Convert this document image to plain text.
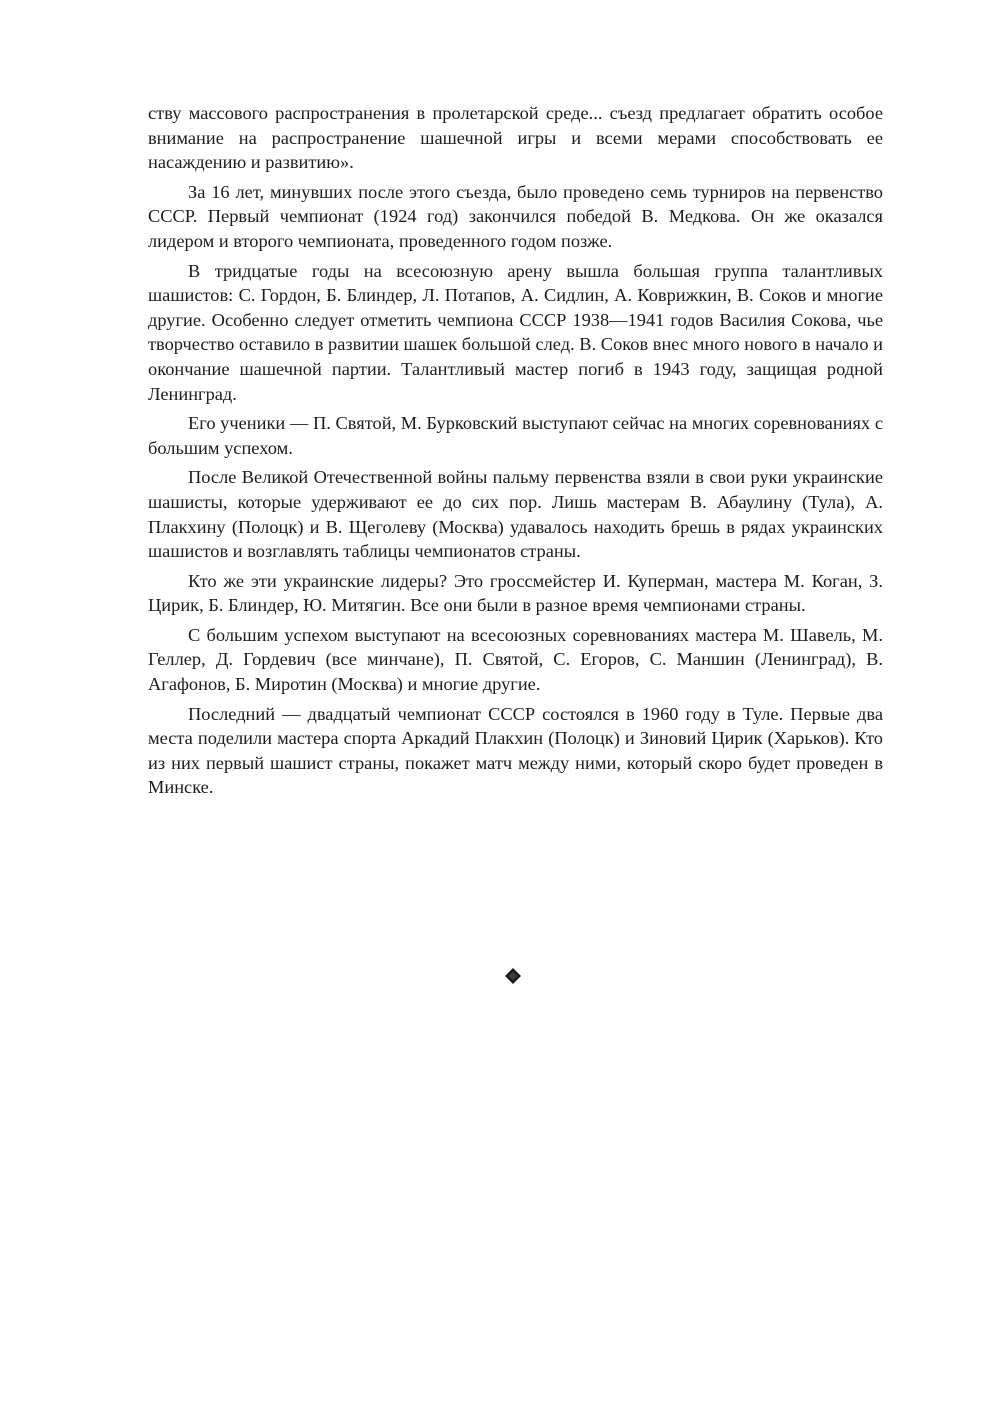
ству массового распространения в пролетарской среде... съезд предлагает обратить особое внимание на распространение шашечной игры и всеми мерами способствовать ее насаждению и развитию».

За 16 лет, минувших после этого съезда, было проведено семь турниров на первенство СССР. Первый чемпионат (1924 год) закончился победой В. Медкова. Он же оказался лидером и второго чемпионата, проведенного годом позже.

В тридцатые годы на всесоюзную арену вышла большая группа талантливых шашистов: С. Гордон, Б. Блиндер, Л. Потапов, А. Сидлин, А. Коврижкин, В. Соков и многие другие. Особенно следует отметить чемпиона СССР 1938—1941 годов Василия Сокова, чье творчество оставило в развитии шашек большой след. В. Соков внес много нового в начало и окончание шашечной партии. Талантливый мастер погиб в 1943 году, защищая родной Ленинград.

Его ученики — П. Святой, М. Бурковский выступают сейчас на многих соревнованиях с большим успехом.

После Великой Отечественной войны пальму первенства взяли в свои руки украинские шашисты, которые удерживают ее до сих пор. Лишь мастерам В. Абаулину (Тула), А. Плакхину (Полоцк) и В. Щеголеву (Москва) удавалось находить брешь в рядах украинских шашистов и возглавлять таблицы чемпионатов страны.

Кто же эти украинские лидеры? Это гроссмейстер И. Куперман, мастера М. Коган, З. Цирик, Б. Блиндер, Ю. Митягин. Все они были в разное время чемпионами страны.

С большим успехом выступают на всесоюзных соревнованиях мастера М. Шавель, М. Геллер, Д. Гордевич (все минчане), П. Святой, С. Егоров, С. Маншин (Ленинград), В. Агафонов, Б. Миротин (Москва) и многие другие.

Последний — двадцатый чемпионат СССР состоялся в 1960 году в Туле. Первые два места поделили мастера спорта Аркадий Плакхин (Полоцк) и Зиновий Цирик (Харьков). Кто из них первый шашист страны, покажет матч между ними, который скоро будет проведен в Минске.
